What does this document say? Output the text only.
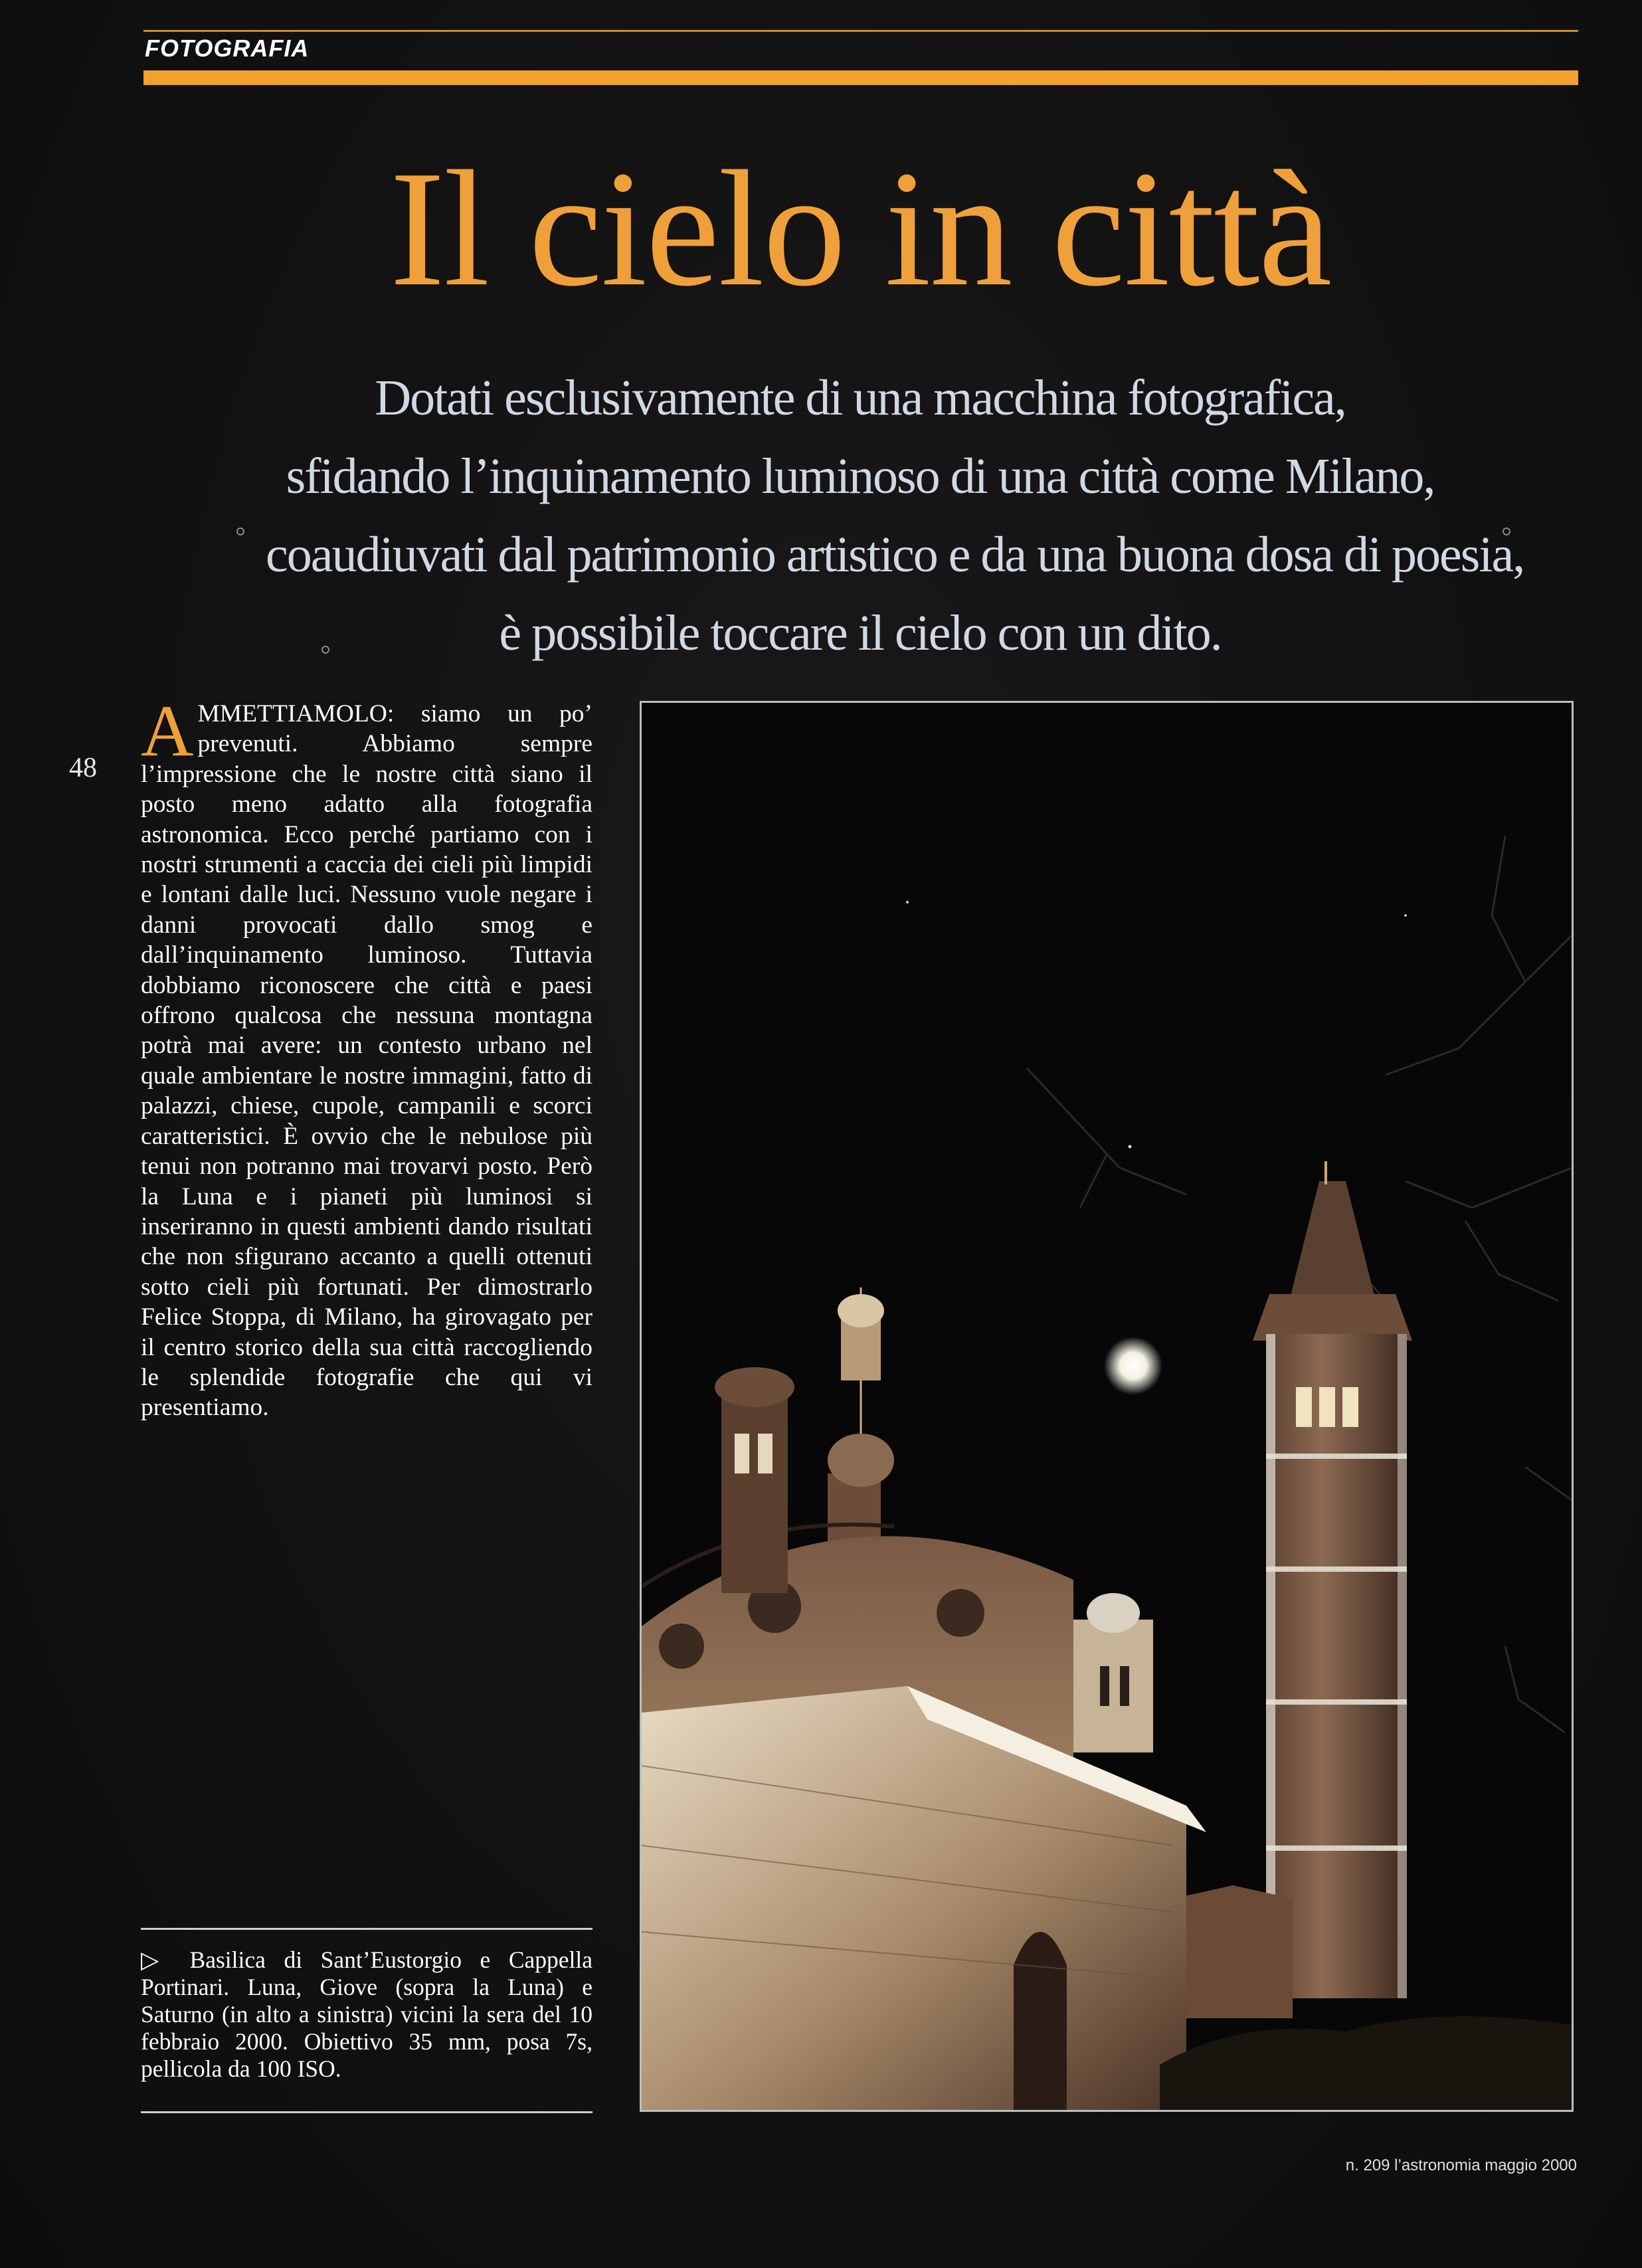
FOTOGRAFIA
Il cielo in città
Dotati esclusivamente di una macchina fotografica,
sfidando l’inquinamento luminoso di una città come Milano,
coaudiuvati dal patrimonio artistico e da una buona dosa di poesia,
è possibile toccare il cielo con un dito.
48 AMMETTIAMOLO: siamo un po’ prevenuti. Abbiamo sempre l’impressione che le nostre città siano il posto meno adatto alla fotografia astronomica. Ecco perché partiamo con i nostri strumenti a caccia dei cieli più limpidi e lontani dalle luci. Nessuno vuole negare i danni provocati dallo smog e dall’inquinamento luminoso. Tuttavia dobbiamo riconoscere che città e paesi offrono qualcosa che nessuna montagna potrà mai avere: un contesto urbano nel quale ambientare le nostre immagini, fatto di palazzi, chiese, cupole, campanili e scorci caratteristici. È ovvio che le nebulose più tenui non potranno mai trovarvi posto. Però la Luna e i pianeti più luminosi si inseriranno in questi ambienti dando risultati che non sfigurano accanto a quelli ottenuti sotto cieli più fortunati. Per dimostrarlo Felice Stoppa, di Milano, ha girovagato per il centro storico della sua città raccogliendo le splendide fotografie che qui vi presentiamo.
▷ Basilica di Sant’Eustorgio e Cappella Portinari. Luna, Giove (sopra la Luna) e Saturno (in alto a sinistra) vicini la sera del 10 febbraio 2000. Obiettivo 35 mm, posa 7s, pellicola da 100 ISO.
n. 209 l’astronomia maggio 2000
